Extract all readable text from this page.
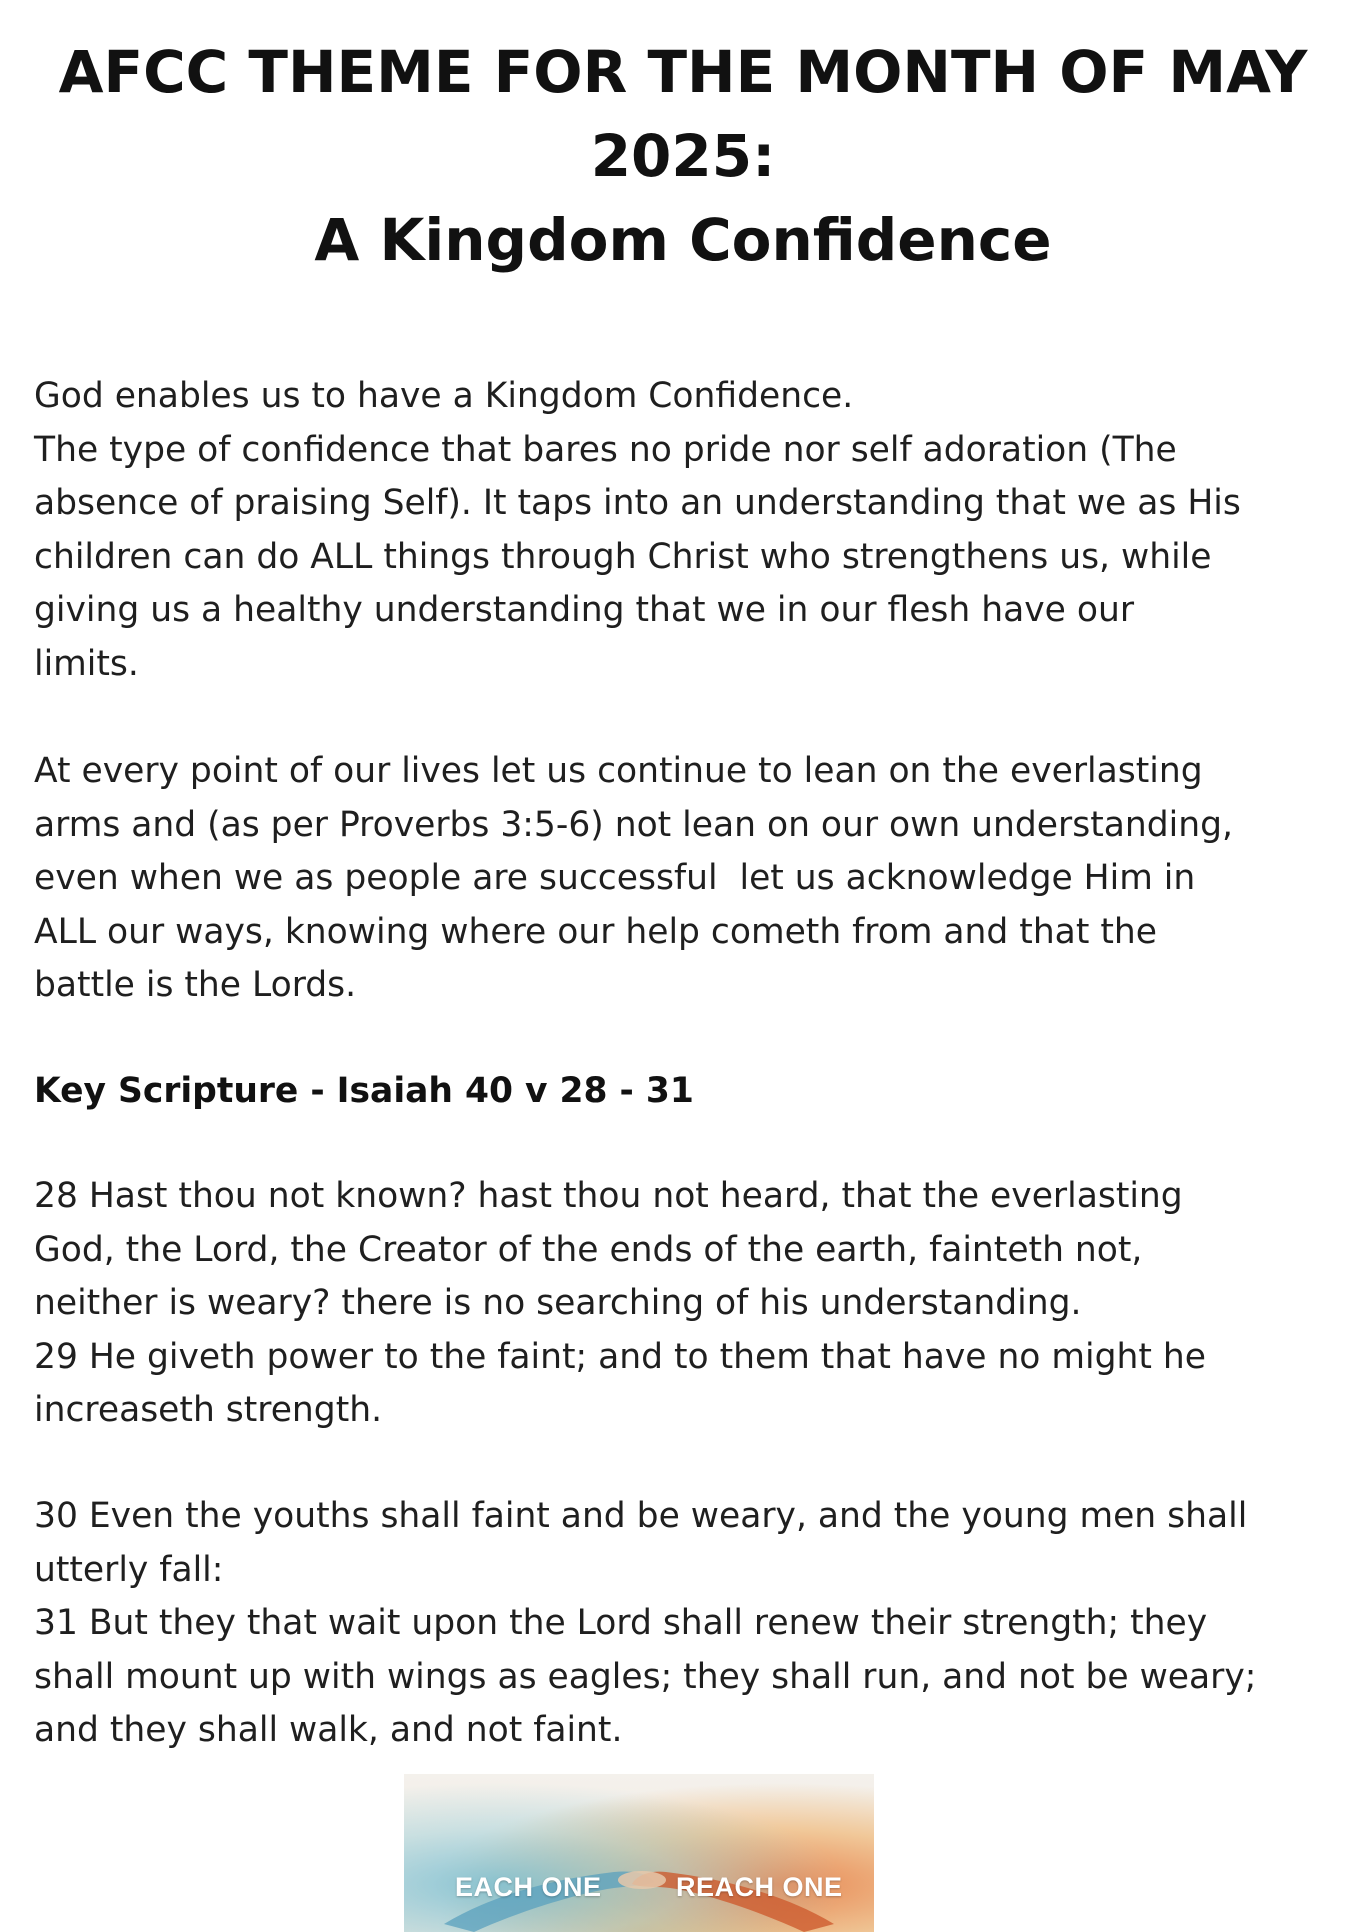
AFCC THEME FOR THE MONTH OF MAY
2025:
A Kingdom Confidence

God enables us to have a Kingdom Confidence.
The type of confidence that bares no pride nor self adoration (The
absence of praising Self). It taps into an understanding that we as His
children can do ALL things through Christ who strengthens us, while
giving us a healthy understanding that we in our flesh have our
limits.

At every point of our lives let us continue to lean on the everlasting
arms and (as per Proverbs 3:5-6) not lean on our own understanding,
even when we as people are successful  let us acknowledge Him in
ALL our ways, knowing where our help cometh from and that the
battle is the Lords.

Key Scripture - Isaiah 40 v 28 - 31

28 Hast thou not known? hast thou not heard, that the everlasting
God, the Lord, the Creator of the ends of the earth, fainteth not,
neither is weary? there is no searching of his understanding.
29 He giveth power to the faint; and to them that have no might he
increaseth strength.

30 Even the youths shall faint and be weary, and the young men shall
utterly fall:
31 But they that wait upon the Lord shall renew their strength; they
shall mount up with wings as eagles; they shall run, and not be weary;
and they shall walk, and not faint.

EACH ONE	REACH ONE
